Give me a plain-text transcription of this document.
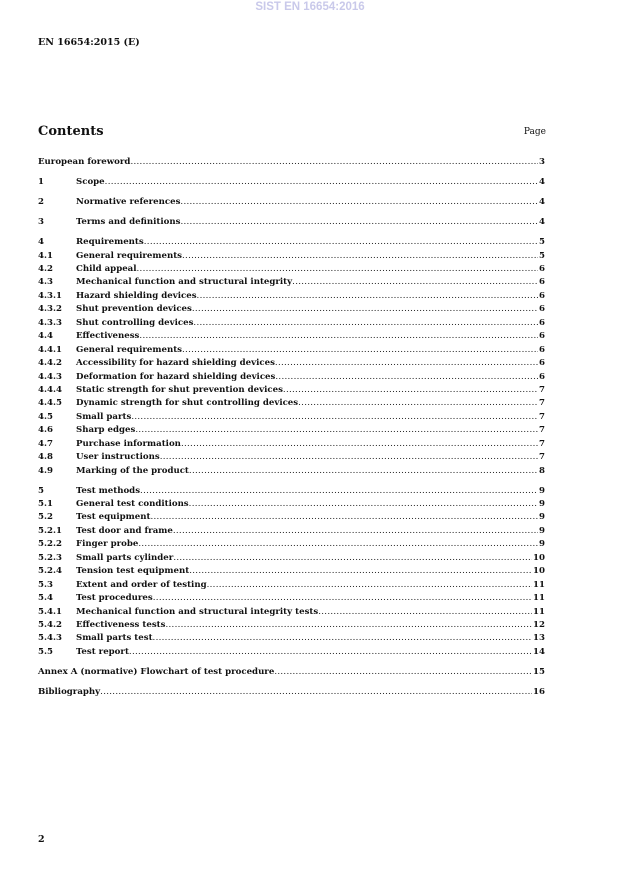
SIST EN 16654:2016
EN 16654:2015 (E)
Contents	Page
European foreword .....	3
1	Scope .....	4
2	Normative references .....	4
3	Terms and definitions .....	4
4	Requirements .....	5
4.1	General requirements .....	5
4.2	Child appeal .....	6
4.3	Mechanical function and structural integrity .....	6
4.3.1	Hazard shielding devices .....	6
4.3.2	Shut prevention devices .....	6
4.3.3	Shut controlling devices .....	6
4.4	Effectiveness .....	6
4.4.1	General requirements .....	6
4.4.2	Accessibility for hazard shielding devices .....	6
4.4.3	Deformation for hazard shielding devices .....	6
4.4.4	Static strength for shut prevention devices .....	7
4.4.5	Dynamic strength for shut controlling devices .....	7
4.5	Small parts .....	7
4.6	Sharp edges .....	7
4.7	Purchase information .....	7
4.8	User instructions .....	7
4.9	Marking of the product .....	8
5	Test methods .....	9
5.1	General test conditions .....	9
5.2	Test equipment .....	9
5.2.1	Test door and frame .....	9
5.2.2	Finger probe .....	9
5.2.3	Small parts cylinder .....	10
5.2.4	Tension test equipment .....	10
5.3	Extent and order of testing .....	11
5.4	Test procedures .....	11
5.4.1	Mechanical function and structural integrity tests .....	11
5.4.2	Effectiveness tests .....	12
5.4.3	Small parts test .....	13
5.5	Test report .....	14
Annex A (normative) Flowchart of test procedure .....	15
Bibliography .....	16
2
